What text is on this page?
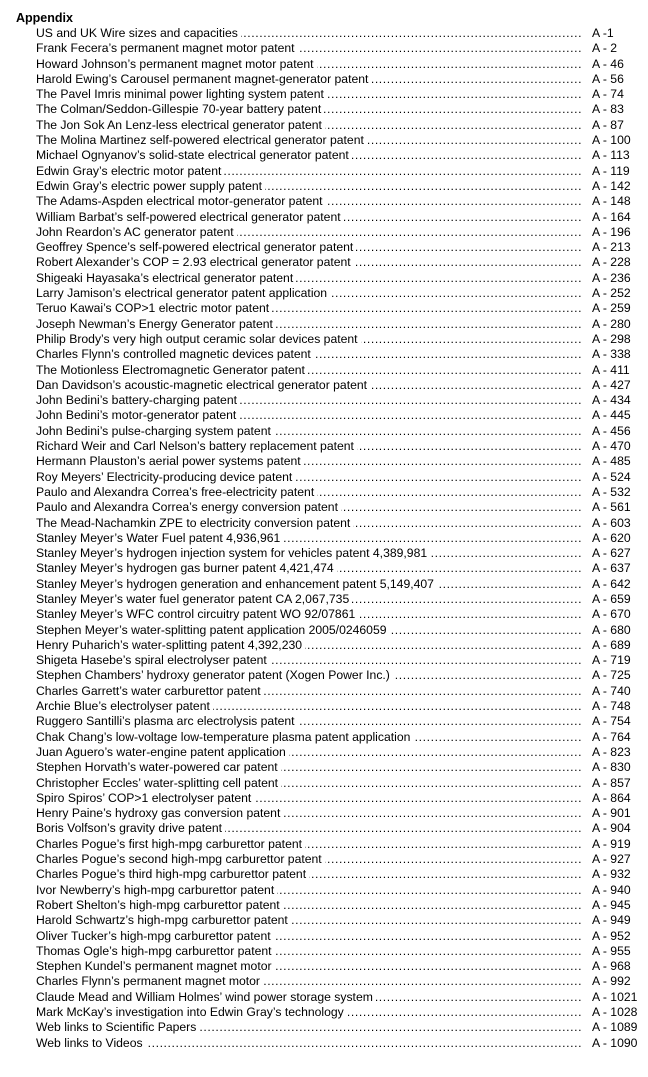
Appendix
US and UK Wire sizes and capacities .....	A -1
Frank Fecera’s permanent magnet motor patent .....	A - 2
Howard Johnson’s permanent magnet motor patent .....	A - 46
Harold Ewing’s Carousel permanent magnet-generator patent .....	A - 56
The Pavel Imris minimal power lighting system patent .....	A - 74
The Colman/Seddon-Gillespie 70-year battery patent .....	A - 83
The Jon Sok An Lenz-less electrical generator patent .....	A - 87
The Molina Martinez self-powered electrical generator patent .....	A - 100
Michael Ognyanov’s solid-state electrical generator patent .....	A - 113
Edwin Gray’s electric motor patent .....	A - 119
Edwin Gray’s electric power supply patent .....	A - 142
The Adams-Aspden electrical motor-generator patent .....	A - 148
William Barbat’s self-powered electrical generator patent .....	A - 164
John Reardon’s AC generator patent .....	A - 196
Geoffrey Spence’s self-powered electrical generator patent .....	A - 213
Robert Alexander’s COP = 2.93 electrical generator patent .....	A - 228
Shigeaki Hayasaka’s electrical generator patent .....	A - 236
Larry Jamison’s electrical generator patent application .....	A - 252
Teruo Kawai’s COP>1 electric motor patent .....	A - 259
Joseph Newman’s Energy Generator patent .....	A - 280
Philip Brody’s very high output ceramic solar devices patent .....	A - 298
Charles Flynn’s controlled magnetic devices patent .....	A - 338
The Motionless Electromagnetic Generator patent .....	A - 411
Dan Davidson’s acoustic-magnetic electrical generator patent .....	A - 427
John Bedini’s battery-charging patent .....	A - 434
John Bedini’s motor-generator patent .....	A - 445
John Bedini’s pulse-charging system patent .....	A - 456
Richard Weir and Carl Nelson’s battery replacement patent .....	A - 470
Hermann Plauston’s aerial power systems patent .....	A - 485
Roy Meyers’ Electricity-producing device patent .....	A - 524
Paulo and Alexandra Correa’s free-electricity patent .....	A - 532
Paulo and Alexandra Correa’s energy conversion patent .....	A - 561
The Mead-Nachamkin ZPE to electricity conversion patent .....	A - 603
Stanley Meyer’s Water Fuel patent 4,936,961 .....	A - 620
Stanley Meyer’s hydrogen injection system for vehicles patent 4,389,981 .....	A - 627
Stanley Meyer’s hydrogen gas burner patent 4,421,474 .....	A - 637
Stanley Meyer’s hydrogen generation and enhancement patent 5,149,407 .....	A - 642
Stanley Meyer’s water fuel generator patent CA 2,067,735 .....	A - 659
Stanley Meyer’s WFC control circuitry patent WO 92/07861 .....	A - 670
Stephen Meyer’s water-splitting patent application 2005/0246059 .....	A - 680
Henry Puharich’s water-splitting patent 4,392,230 .....	A - 689
Shigeta Hasebe’s spiral electrolyser patent .....	A - 719
Stephen Chambers’ hydroxy generator patent (Xogen Power Inc.) .....	A - 725
Charles Garrett’s water carburettor patent .....	A - 740
Archie Blue’s electrolyser patent .....	A - 748
Ruggero Santilli’s plasma arc electrolysis patent .....	A - 754
Chak Chang’s low-voltage low-temperature plasma patent application .....	A - 764
Juan Aguero’s water-engine patent application .....	A - 823
Stephen Horvath’s water-powered car patent .....	A - 830
Christopher Eccles’ water-splitting cell patent .....	A - 857
Spiro Spiros’ COP>1 electrolyser patent .....	A - 864
Henry Paine’s hydroxy gas conversion patent .....	A - 901
Boris Volfson’s gravity drive patent .....	A - 904
Charles Pogue’s first high-mpg carburettor patent .....	A - 919
Charles Pogue’s second high-mpg carburettor patent .....	A - 927
Charles Pogue’s third high-mpg carburettor patent .....	A - 932
Ivor Newberry’s high-mpg carburettor patent .....	A - 940
Robert Shelton’s high-mpg carburettor patent .....	A - 945
Harold Schwartz’s high-mpg carburettor patent .....	A - 949
Oliver Tucker’s high-mpg carburettor patent .....	A - 952
Thomas Ogle’s high-mpg carburettor patent .....	A - 955
Stephen Kundel’s permanent magnet motor .....	A - 968
Charles Flynn’s permanent magnet motor .....	A - 992
Claude Mead and William Holmes’ wind power storage system .....	A - 1021
Mark McKay’s investigation into Edwin Gray’s technology .....	A - 1028
Web links to Scientific Papers .....	A - 1089
Web links to Videos .....	A - 1090
